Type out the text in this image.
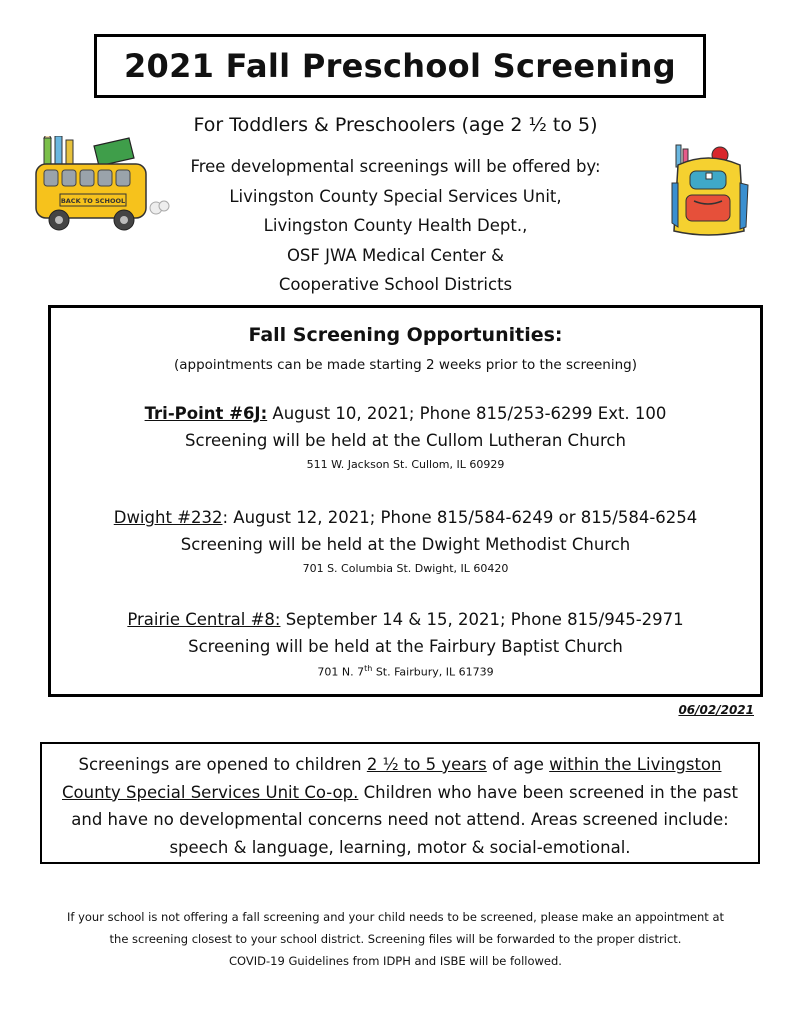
2021 Fall Preschool Screening
For Toddlers & Preschoolers (age 2 ½ to 5)
BACK TO SCHOOL
Free developmental screenings will be offered by:
Livingston County Special Services Unit,
Livingston County Health Dept.,
OSF JWA Medical Center &
Cooperative School Districts
Fall Screening Opportunities:
(appointments can be made starting 2 weeks prior to the screening)
Tri-Point #6J: August 10, 2021; Phone 815/253-6299 Ext. 100
Screening will be held at the Cullom Lutheran Church
511 W. Jackson St. Cullom, IL 60929
Dwight #232: August 12, 2021; Phone 815/584-6249 or 815/584-6254
Screening will be held at the Dwight Methodist Church
701 S. Columbia St. Dwight, IL 60420
Prairie Central #8: September 14 & 15, 2021; Phone 815/945-2971
Screening will be held at the Fairbury Baptist Church
701 N. 7th St. Fairbury, IL 61739
06/02/2021
Screenings are opened to children 2 ½ to 5 years of age within the Livingston
County Special Services Unit Co-op. Children who have been screened in the past
and have no developmental concerns need not attend. Areas screened include:
speech & language, learning, motor & social-emotional.
If your school is not offering a fall screening and your child needs to be screened, please make an appointment at
the screening closest to your school district. Screening files will be forwarded to the proper district.
COVID-19 Guidelines from IDPH and ISBE will be followed.
